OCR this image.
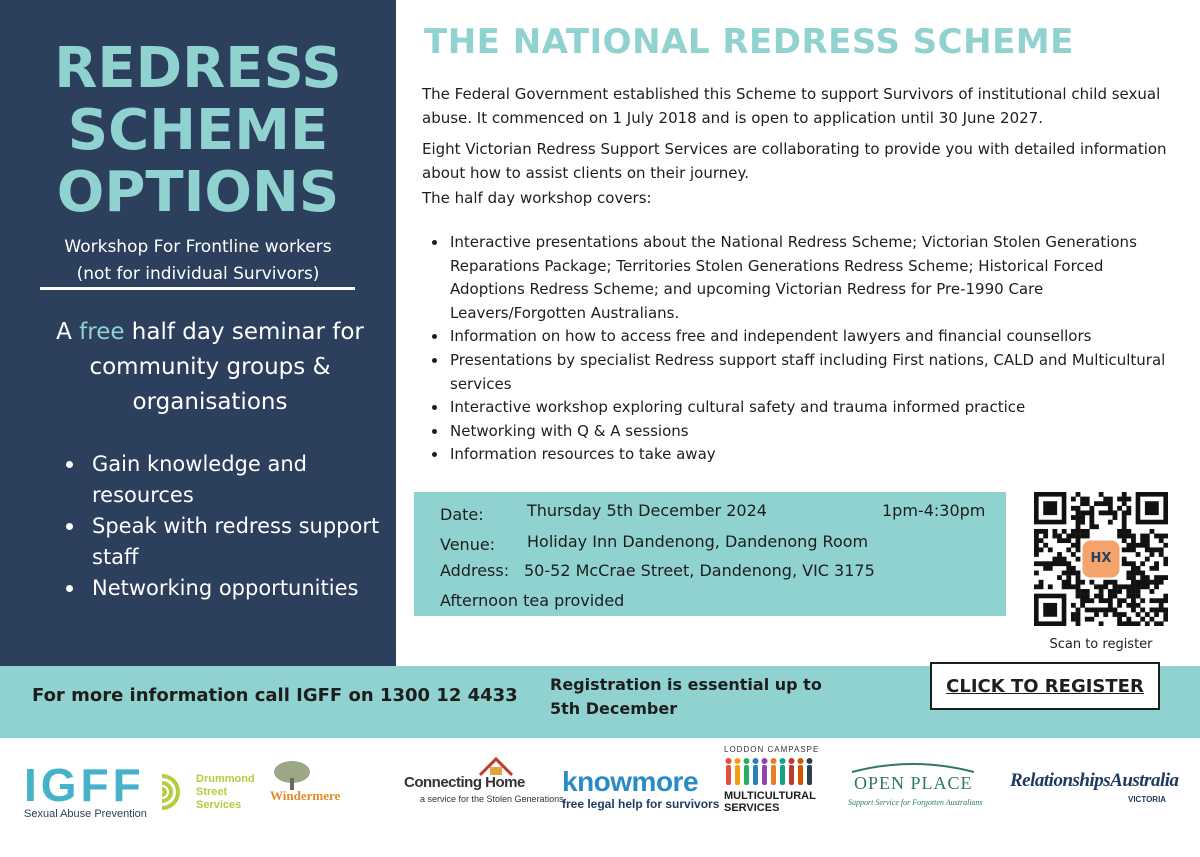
REDRESS
SCHEME
OPTIONS
Workshop For Frontline workers
(not for individual Survivors)
A free half day seminar for community groups & organisations
Gain knowledge and resources
Speak with redress support staff
Networking opportunities
THE NATIONAL REDRESS SCHEME
The Federal Government established this Scheme to support Survivors of institutional child sexual abuse. It commenced on 1 July 2018 and is open to application until 30 June 2027.
Eight Victorian Redress Support Services are collaborating to provide you with detailed information about how to assist clients on their journey.
The half day workshop covers:
Interactive presentations about the National Redress Scheme; Victorian Stolen Generations Reparations Package; Territories Stolen Generations Redress Scheme; Historical Forced Adoptions Redress Scheme; and upcoming Victorian Redress for Pre-1990 Care Leavers/Forgotten Australians.
Information on how to access free and independent lawyers and financial counsellors
Presentations by specialist Redress support staff including First nations, CALD and Multicultural services
Interactive workshop exploring cultural safety and trauma informed practice
Networking with Q & A sessions
Information resources to take away
Date:	Thursday 5th December 2024	1pm-4:30pm
Venue: Holiday Inn Dandenong, Dandenong Room
Address: 50-52 McCrae Street, Dandenong, VIC 3175
Afternoon tea provided
HX
Scan to register
For more information call IGFF on 1300 12 4433
Registration is essential up to 5th December
CLICK TO REGISTER
IGFF
Sexual Abuse Prevention
Drummond Street Services
Windermere
Connecting Home
a service for the Stolen Generations
knowmore
free legal help for survivors
LODDON CAMPASPE
MULTICULTURAL SERVICES
OPEN PLACE
Support Service for Forgotten Australians
RelationshipsAustralia
VICTORIA
